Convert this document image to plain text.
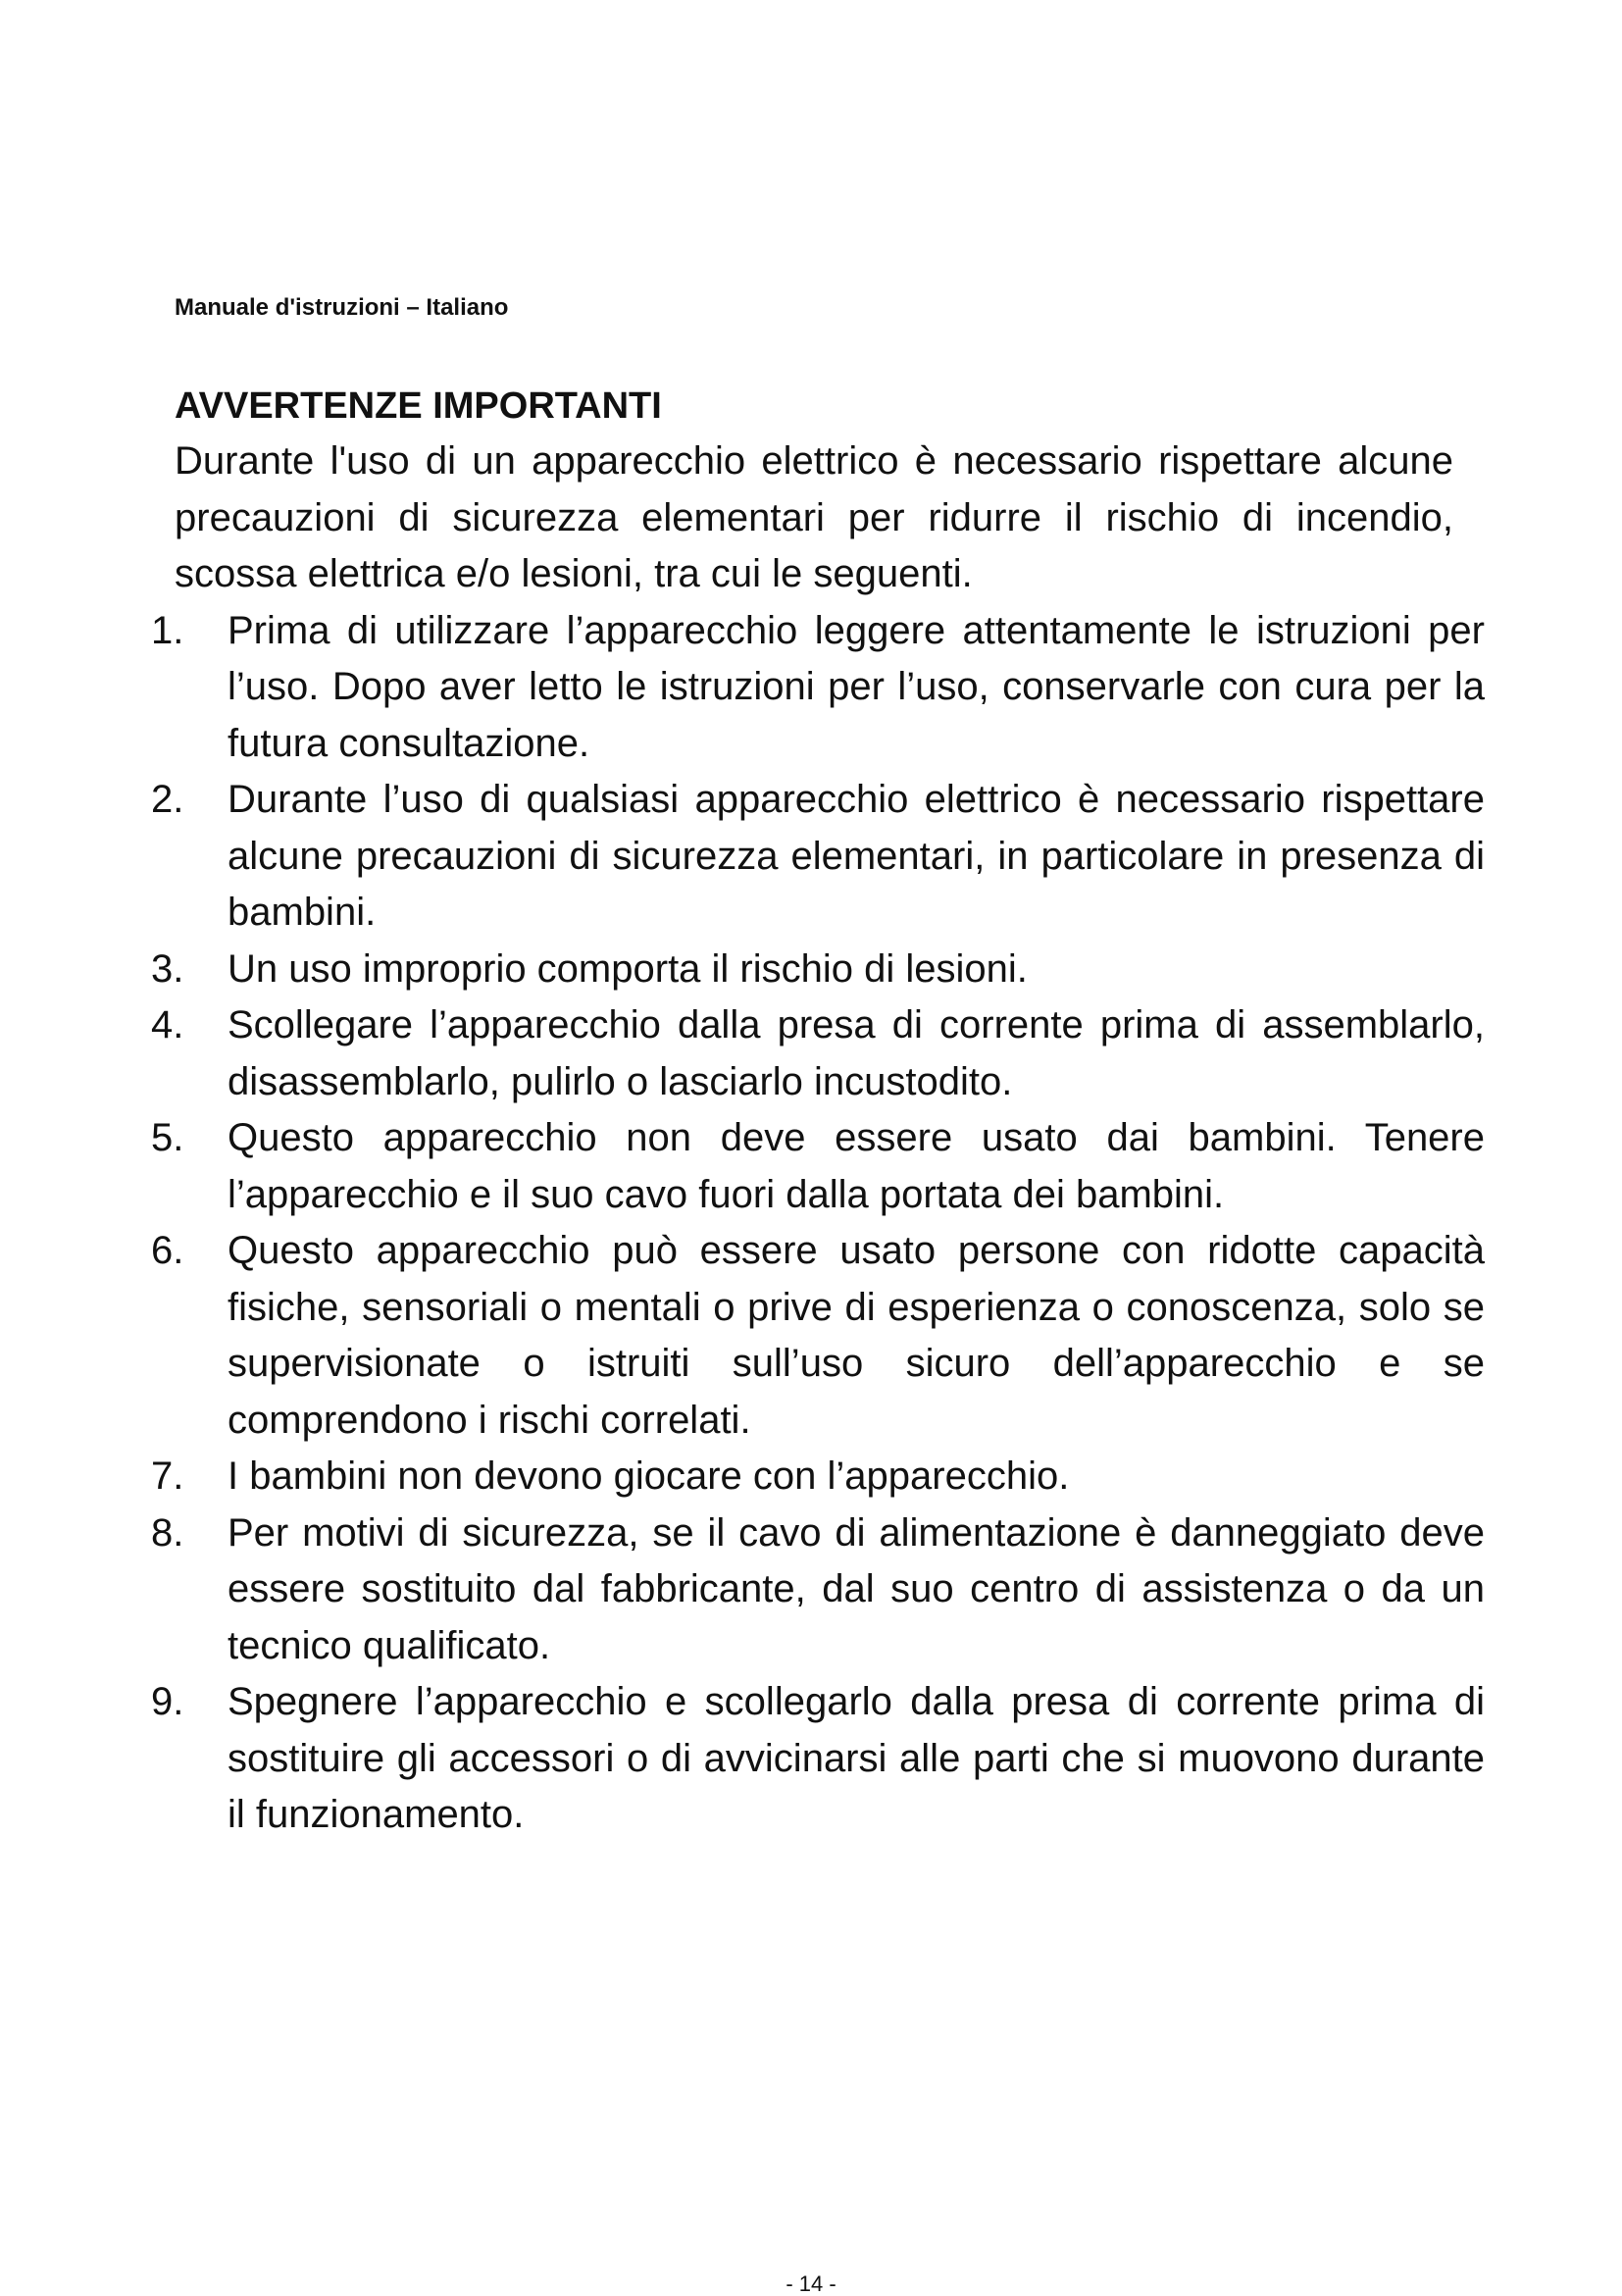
Manuale d'istruzioni – Italiano
AVVERTENZE IMPORTANTI

Durante l'uso di un apparecchio elettrico è necessario rispettare alcune precauzioni di sicurezza elementari per ridurre il rischio di incendio, scossa elettrica e/o lesioni, tra cui le seguenti.

1.	Prima di utilizzare l’apparecchio leggere attentamente le istruzioni per l’uso. Dopo aver letto le istruzioni per l’uso, conservarle con cura per la futura consultazione.
2.	Durante l’uso di qualsiasi apparecchio elettrico è necessario rispettare alcune precauzioni di sicurezza elementari, in particolare in presenza di bambini.
3.	Un uso improprio comporta il rischio di lesioni.
4.	Scollegare l’apparecchio dalla presa di corrente prima di assemblarlo, disassemblarlo, pulirlo o lasciarlo incustodito.
5.	Questo apparecchio non deve essere usato dai bambini. Tenere l’apparecchio e il suo cavo fuori dalla portata dei bambini.
6.	Questo apparecchio può essere usato persone con ridotte capacità fisiche, sensoriali o mentali o prive di esperienza o conoscenza, solo se supervisionate o istruiti sull’uso sicuro dell’apparecchio e se comprendono i rischi correlati.
7.	I bambini non devono giocare con l’apparecchio.
8.	Per motivi di sicurezza, se il cavo di alimentazione è danneggiato deve essere sostituito dal fabbricante, dal suo centro di assistenza o da un tecnico qualificato.
9.	Spegnere l’apparecchio e scollegarlo dalla presa di corrente prima di sostituire gli accessori o di avvicinarsi alle parti che si muovono durante il funzionamento.
- 14 -
